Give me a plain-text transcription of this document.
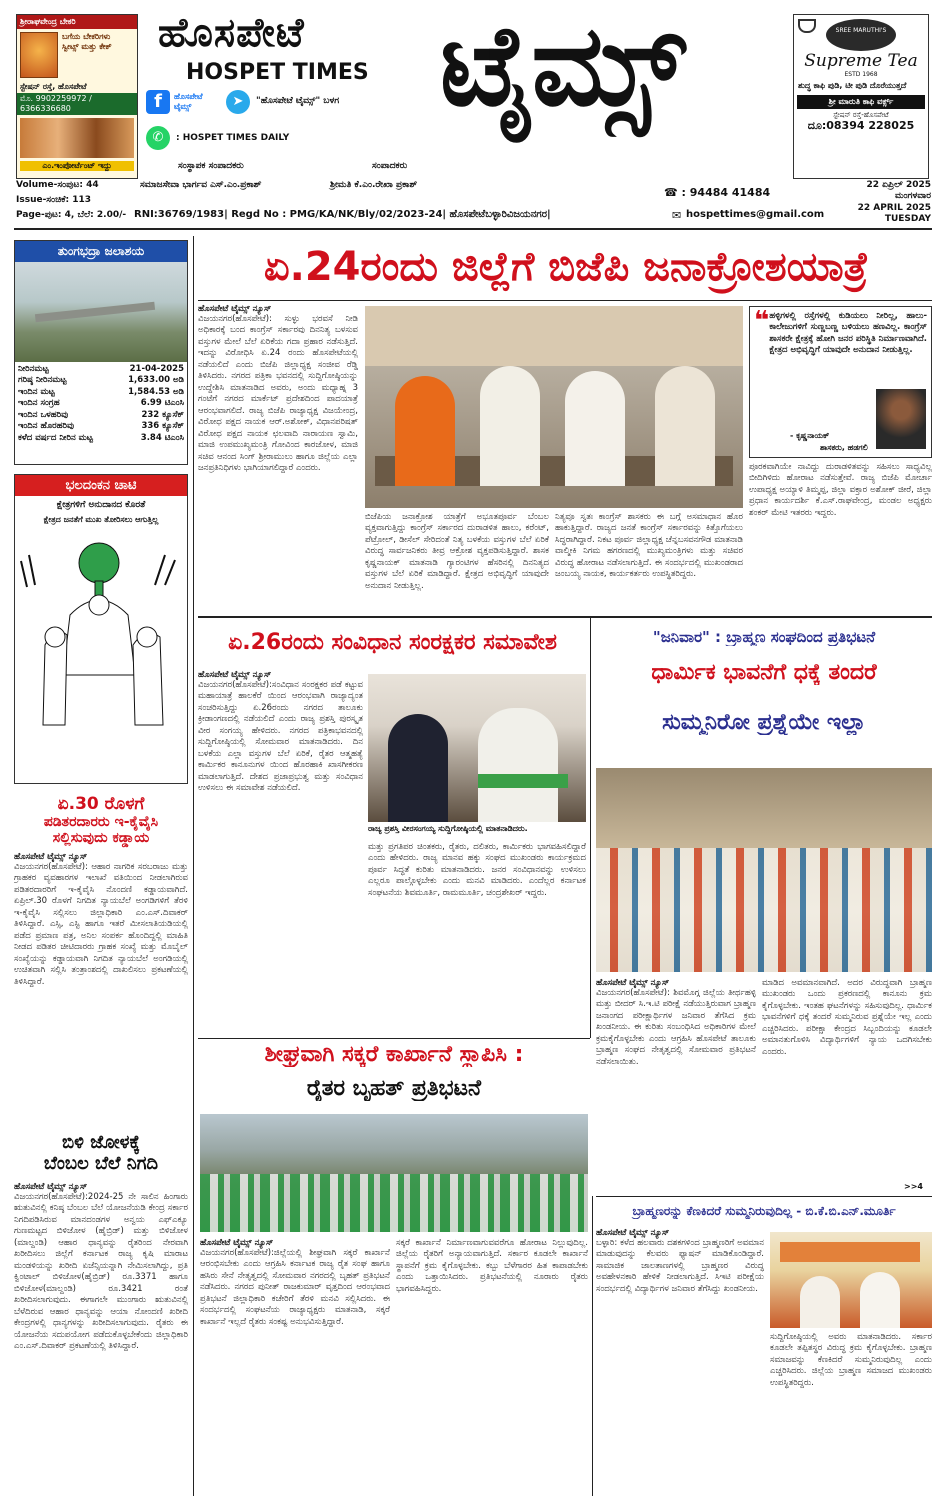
ಶ್ರೀರಾಘವೇಂದ್ರ ಬೇಕರಿ
ಬಗೆಯ ಬೇಕರಿಗಳು
ಸ್ವೀಟ್ಸ್ ಮತ್ತು ಕೇಕ್
ಸ್ಟೇಷನ್ ರಸ್ತೆ, ಹೊಸಪೇಟೆ
ಮೊ. 9902259972 / 6366336680
ಎಂ.ಇಂಪೋರ್ಟೆಂಟ್ ಇದ್ದು
ಹೊಸಪೇಟೆ
HOSPET TIMES
f	ಹೊಸಪೇಟೆ ಟೈಮ್ಸ್	➤	"ಹೊಸಪೇಟೆ ಟೈಮ್ಸ್" ಬಳಗ
✆	: HOSPET TIMES DAILY
ಟೈಮ್ಸ್	SREE MARUTHI'S
Supreme Tea
ESTD 1968
ಶುದ್ಧ ಕಾಫಿ ಪುಡಿ, ಟೀ ಪುಡಿ ದೊರೆಯುತ್ತದೆ
ಶ್ರೀ ಮಾರುತಿ ಕಾಫಿ ವರ್ಕ್ಸ್
ಸ್ಟೇಷನ್ ರಸ್ತೆ-ಹೊಸಪೇಟೆ
ದೂ:08394 228025
ಸಂಸ್ಥಾಪಕ ಸಂಪಾದಕರು	ಸಂಪಾದಕರು
ಸಮಾಜಸೇವಾ ಭಾರ್ಗವ ಎಸ್.ಎಂ.ಪ್ರಕಾಶ್	ಶ್ರೀಮತಿ ಕೆ.ಎಂ.ರೇಖಾ ಪ್ರಕಾಶ್
☎ : 94484 41484
Volume-ಸಂಪುಟ: 44
Issue-ಸಂಚಿಕೆ: 113
Page-ಪುಟ: 4, ಬೆಲೆ: 2.00/-
22 ಏಪ್ರಿಲ್ 2025
ಮಂಗಳವಾರ
22 APRIL 2025
TUESDAY
RNI:36769/1983| Regd No : PMG/KA/NK/Bly/02/2023-24| ಹೊಸಪೇಟೆಬಳ್ಳಾರಿವಿಜಯನಗರ|	✉ hospettimes@gmail.com
ತುಂಗಭದ್ರಾ ಜಲಾಶಯ
ನೀರಿನಮಟ್ಟ	21-04-2025
ಗರಿಷ್ಠ ನೀರಿನಮಟ್ಟ	1,633.00 ಅಡಿ
ಇಂದಿನ ಮಟ್ಟ	1,584.53 ಅಡಿ
ಇಂದಿನ ಸಂಗ್ರಹ	6.99 ಟಿಎಂಸಿ
ಇಂದಿನ ಒಳಹರಿವು	232 ಕ್ಯೂಸೆಕ್
ಇಂದಿನ ಹೊರಹರಿವು	336 ಕ್ಯೂಸೆಕ್
ಕಳೆದ ವರ್ಷದ ನೀರಿನ ಮಟ್ಟ	3.84 ಟಿಎಂಸಿ
ಭಲದಂಕನ ಚಾಟಿ
ಕ್ಷೇತ್ರಗಳಿಗೆ ಅನುದಾನದ ಕೊರತೆ
ಕ್ಷೇತ್ರದ ಜನತೆಗೆ ಮುಖ ತೋರಿಸಲು ಆಗುತ್ತಿಲ್ಲ
ಏ.30 ರೊಳಗೆ
ಪಡಿತರದಾರರು ಇ-ಕೈವೈಸಿ
ಸಲ್ಲಿಸುವುದು ಕಡ್ಡಾಯ
ಹೊಸಪೇಟೆ ಟೈಮ್ಸ್ ನ್ಯೂಸ್
ವಿಜಯನಗರ(ಹೊಸಪೇಟೆ): ಆಹಾರ ನಾಗರಿಕ ಸರಬರಾಜು ಮತ್ತು ಗ್ರಾಹಕರ ವ್ಯವಹಾರಗಳ ಇಲಾಖೆ ವತಿಯಿಂದ ನೀಡಲಾಗಿರುವ ಪಡಿತರದಾರರಿಗೆ ಇ-ಕೈವೈಸಿ ನೊಂದಣಿ ಕಡ್ಡಾಯವಾಗಿದೆ. ಏಪ್ರಿಲ್.30 ರೊಳಗೆ ನಿಗದಿತ ನ್ಯಾಯಬೆಲೆ ಅಂಗಡಿಗಳಿಗೆ ತೆರಳಿ ಇ-ಕೈವೈಸಿ ಸಲ್ಲಿಸಲು ಜಿಲ್ಲಾಧಿಕಾರಿ ಎಂ.ಎಸ್.ದಿವಾಕರ್ ತಿಳಿಸಿದ್ದಾರೆ. ಎಸ್ಸಿ, ಎಸ್ಟಿ ಹಾಗೂ ಇತರೆ ಮೀಸಲಾತಿಯಡಿಯಲ್ಲಿ ಪಡೆದ ಪ್ರಮಾಣ ಪತ್ರ, ಅನಿಲ ಸಂಪರ್ಕ ಹೊಂದಿದ್ದಲ್ಲಿ ಮಾಹಿತಿ ನೀಡದ ಪಡಿತರ ಚೀಟಿದಾರರು ಗ್ರಾಹಕ ಸಂಖ್ಯೆ ಮತ್ತು ಮೊಬೈಲ್ ಸಂಖ್ಯೆಯನ್ನು ಕಡ್ಡಾಯವಾಗಿ ನಿಗದಿತ ನ್ಯಾಯಬೆಲೆ ಅಂಗಡಿಯಲ್ಲಿ ಉಚಿತವಾಗಿ ಸಲ್ಲಿಸಿ ತಂತ್ರಾಂಶದಲ್ಲಿ ದಾಖಲಿಸಲು ಪ್ರಕಟಣೆಯಲ್ಲಿ ತಿಳಿಸಿದ್ದಾರೆ.
ಬಿಳಿ ಜೋಳಕ್ಕೆ
ಬೆಂಬಲ ಬೆಲೆ ನಿಗದಿ
ಹೊಸಪೇಟೆ ಟೈಮ್ಸ್ ನ್ಯೂಸ್
ವಿಜಯನಗರ(ಹೊಸಪೇಟೆ):2024-25 ನೇ ಸಾಲಿನ ಹಿಂಗಾರು ಋತುವಿನಲ್ಲಿ ಕನಿಷ್ಠ ಬೆಂಬಲ ಬೆಲೆ ಯೋಜನೆಯಡಿ ಕೇಂದ್ರ ಸರ್ಕಾರ ನಿಗದಿಪಡಿಸಿರುವ ಮಾನದಂಡಗಳ ಅನ್ವಯ ಎಫ್‌ಎಕ್ಯೂ ಗುಣಮಟ್ಟದ ಬಿಳಿಜೋಳ (ಹೈಬ್ರಿಡ್) ಮತ್ತು ಬಿಳಿಜೋಳ (ಮಾಲ್ದಂಡಿ) ಆಹಾರ ಧಾನ್ಯವನ್ನು ರೈತರಿಂದ ನೇರವಾಗಿ ಖರೀದಿಸಲು ಜಿಲ್ಲೆಗೆ ಕರ್ನಾಟಕ ರಾಜ್ಯ ಕೃಷಿ ಮಾರಾಟ ಮಂಡಳಿಯನ್ನು ಖರೀದಿ ಏಜೆನ್ಸಿಯನ್ನಾಗಿ ನೇಮಿಸಲಾಗಿದ್ದು, ಪ್ರತಿ ಕ್ವಿಂಟಾಲ್ ಬಿಳಿಜೋಳ(ಹೈಬ್ರಿಡ್) ರೂ.3371 ಹಾಗೂ ಬಿಳಿಜೋಳ(ಮಾಲ್ದಂಡಿ) ರೂ.3421 ರಂತೆ ಖರೀದಿಸಲಾಗುವುದು. ಈಗಾಗಲೇ ಮುಂಗಾರು ಋತುವಿನಲ್ಲಿ ಬೆಳೆದಿರುವ ಆಹಾರ ಧಾನ್ಯವನ್ನು ಆಯಾ ನೋಂದಣಿ ಖರೀದಿ ಕೇಂದ್ರಗಳಲ್ಲಿ ಧಾನ್ಯಗಳನ್ನು ಖರೀದಿಸಲಾಗುವುದು. ರೈತರು ಈ ಯೋಜನೆಯ ಸದುಪಯೋಗ ಪಡೆದುಕೊಳ್ಳಬೇಕೆಂದು ಜಿಲ್ಲಾಧಿಕಾರಿ ಎಂ.ಎಸ್.ದಿವಾಕರ್ ಪ್ರಕಟಣೆಯಲ್ಲಿ ತಿಳಿಸಿದ್ದಾರೆ.
ಏ.24ರಂದು ಜಿಲ್ಲೆಗೆ ಬಿಜೆಪಿ ಜನಾಕ್ರೋಶಯಾತ್ರೆ
ಹೊಸಪೇಟೆ ಟೈಮ್ಸ್ ನ್ಯೂಸ್
ವಿಜಯನಗರ(ಹೊಸಪೇಟೆ): ಸುಳ್ಳು ಭರವಸೆ ನೀಡಿ ಅಧಿಕಾರಕ್ಕೆ ಬಂದ ಕಾಂಗ್ರೆಸ್ ಸರ್ಕಾರವು ದಿನನಿತ್ಯ ಬಳಸುವ ವಸ್ತುಗಳ ಮೇಲೆ ಬೆಲೆ ಏರಿಕೆಯ ಗದಾ ಪ್ರಹಾರ ನಡೆಸುತ್ತಿದೆ. ಇದನ್ನು ವಿರೋಧಿಸಿ ಏ.24 ರಂದು ಹೊಸಪೇಟೆಯಲ್ಲಿ ನಡೆಯಲಿದೆ ಎಂದು ಬಿಜೆಪಿ ಜಿಲ್ಲಾಧ್ಯಕ್ಷ ಸಂಜೀವ ರೆಡ್ಡಿ ತಿಳಿಸಿದರು. ನಗರದ ಪತ್ರಿಕಾ ಭವನದಲ್ಲಿ ಸುದ್ದಿಗೋಷ್ಠಿಯನ್ನು ಉದ್ದೇಶಿಸಿ ಮಾತನಾಡಿದ ಅವರು, ಅಂದು ಮಧ್ಯಾಹ್ನ 3 ಗಂಟೆಗೆ ನಗರದ ಮಾರ್ಕೆಟ್ ಪ್ರದೇಶದಿಂದ ಪಾದಯಾತ್ರೆ ಆರಂಭವಾಗಲಿದೆ. ರಾಜ್ಯ ಬಿಜೆಪಿ ರಾಜ್ಯಾಧ್ಯಕ್ಷ ವಿಜಯೇಂದ್ರ, ವಿರೋಧ ಪಕ್ಷದ ನಾಯಕ ಆರ್.ಅಶೋಕ್, ವಿಧಾನಪರಿಷತ್ ವಿರೋಧ ಪಕ್ಷದ ನಾಯಕ ಛಲವಾದಿ ನಾರಾಯಣ ಸ್ವಾಮಿ, ಮಾಜಿ ಉಪಮುಖ್ಯಮಂತ್ರಿ ಗೋವಿಂದ ಕಾರಜೋಳ, ಮಾಜಿ ಸಚಿವ ಆನಂದ ಸಿಂಗ್ ಶ್ರೀರಾಮುಲು ಹಾಗೂ ಜಿಲ್ಲೆಯ ಎಲ್ಲಾ ಜನಪ್ರತಿನಿಧಿಗಳು ಭಾಗಿಯಾಗಲಿದ್ದಾರೆ ಎಂದರು.
❝ ಹಳ್ಳಿಗಳಲ್ಲಿ ರಸ್ತೆಗಳಲ್ಲಿ ಕುಡಿಯಲು ನೀರಿಲ್ಲ, ಹಾಲು-ಕಾಲೇಜುಗಳಿಗೆ ಸುಣ್ಣಬಣ್ಣ ಬಳಿಯಲು ಹಣವಿಲ್ಲ. ಕಾಂಗ್ರೆಸ್ ಶಾಸಕರೇ ಕ್ಷೇತ್ರಕ್ಕೆ ಹೋಗಿ ಜನರ ಪರಿಸ್ಥಿತಿ ನಿರ್ಮಾಣವಾಗಿದೆ. ಕ್ಷೇತ್ರದ ಅಭಿವೃದ್ಧಿಗೆ ಯಾವುದೇ ಅನುದಾನ ನೀಡುತ್ತಿಲ್ಲ.
- ಕೃಷ್ಣನಾಯಕ್
ಶಾಸಕರು, ಹಡಗಲಿ
ಬಿಜೆಪಿಯ ಜನಾಕ್ರೋಶ ಯಾತ್ರೆಗೆ ಅಭೂತಪೂರ್ವ ಬೆಂಬಲ ವ್ಯಕ್ತವಾಗುತ್ತಿದ್ದು ಕಾಂಗ್ರೆಸ್ ಸರ್ಕಾರದ ದುರಾಡಳಿತ ಹಾಲು, ಕರೆಂಟ್, ಪೆಟ್ರೋಲ್, ಡೀಸೆಲ್ ಸೇರಿದಂತೆ ನಿತ್ಯ ಬಳಕೆಯ ವಸ್ತುಗಳ ಬೆಲೆ ಏರಿಕೆ ವಿರುದ್ಧ ಸಾರ್ವಜನಿಕರು ತೀವ್ರ ಆಕ್ರೋಶ ವ್ಯಕ್ತಪಡಿಸುತ್ತಿದ್ದಾರೆ. ಶಾಸಕ ಕೃಷ್ಣನಾಯಕ್ ಮಾತನಾಡಿ ಗ್ಯಾರಂಟಿಗಳ ಹೆಸರಿನಲ್ಲಿ ದಿನನಿತ್ಯದ ವಸ್ತುಗಳ ಬೆಲೆ ಏರಿಕೆ ಮಾಡಿದ್ದಾರೆ. ಕ್ಷೇತ್ರದ ಅಭಿವೃದ್ಧಿಗೆ ಯಾವುದೇ ಅನುದಾನ ನೀಡುತ್ತಿಲ್ಲ.
ನಿತ್ಯವೂ ಸ್ವತಃ ಕಾಂಗ್ರೆಸ್ ಶಾಸಕರು ಈ ಬಗ್ಗೆ ಅಸಮಾಧಾನ ಹೊರ ಹಾಕುತ್ತಿದ್ದಾರೆ. ರಾಜ್ಯದ ಜನತೆ ಕಾಂಗ್ರೆಸ್ ಸರ್ಕಾರವನ್ನು ಕಿತ್ತೊಗೆಯಲು ಸಿದ್ಧರಾಗಿದ್ದಾರೆ. ನಿಕಟ ಪೂರ್ವ ಜಿಲ್ಲಾಧ್ಯಕ್ಷ ಚೆನ್ನಬಸವನಗೌಡ ಮಾತನಾಡಿ ವಾಲ್ಮೀಕಿ ನಿಗಮ ಹಗರಣದಲ್ಲಿ ಮುಖ್ಯಮಂತ್ರಿಗಳು ಮತ್ತು ಸಚಿವರ ವಿರುದ್ಧ ಹೋರಾಟ ನಡೆಸಲಾಗುತ್ತಿದೆ. ಈ ಸಂದರ್ಭದಲ್ಲಿ ಮುಖಂಡರಾದ ಜಂಬಯ್ಯ ನಾಯಕ, ಕಾರ್ಯಕರ್ತರು ಉಪಸ್ಥಿತರಿದ್ದರು.
ಪೂರಕವಾಗಿಯೇ ನಾವಿದ್ದು ದುರಾಡಳಿತವನ್ನು ಸಹಿಸಲು ಸಾಧ್ಯವಿಲ್ಲ ಬೀದಿಗಿಳಿದು ಹೋರಾಟ ನಡೆಸುತ್ತೇವೆ. ರಾಜ್ಯ ಬಿಜೆಪಿ ಮೋರ್ಚಾ ಉಪಾಧ್ಯಕ್ಷ ಅಯ್ಯಾಳಿ ತಿಮ್ಮಪ್ಪ, ಜಿಲ್ಲಾ ವಕ್ತಾರ ಅಶೋಕ್ ಜೀರೆ, ಜಿಲ್ಲಾ ಪ್ರಧಾನ ಕಾರ್ಯದರ್ಶಿ ಕೆ.ಎಸ್.ರಾಘವೇಂದ್ರ, ಮಂಡಲ ಅಧ್ಯಕ್ಷರು ಶಂಕರ್ ಮೇಟಿ ಇತರರು ಇದ್ದರು.
ಏ.26ರಂದು ಸಂವಿಧಾನ ಸಂರಕ್ಷಕರ ಸಮಾವೇಶ
ಹೊಸಪೇಟೆ ಟೈಮ್ಸ್ ನ್ಯೂಸ್
ವಿಜಯನಗರ(ಹೊಸಪೇಟೆ):ಸಂವಿಧಾನ ಸಂರಕ್ಷಕರ ಪಡೆ ಕಟ್ಟುವ ಮಹಾಯಾತ್ರೆ ಹಾಲಕೆರೆ ಯಿಂದ ಆರಂಭವಾಗಿ ರಾಜ್ಯಾದ್ಯಂತ ಸಂಚರಿಸುತ್ತಿದ್ದು ಏ.26ರಂದು ನಗರದ ತಾಲೂಕು ಕ್ರೀಡಾಂಗಣದಲ್ಲಿ ನಡೆಯಲಿದೆ ಎಂದು ರಾಜ್ಯ ಪ್ರಶಸ್ತಿ ಪುರಸ್ಕೃತ ವೀರ ಸಂಗಯ್ಯ ಹೇಳಿದರು. ನಗರದ ಪತ್ರಿಕಾಭವನದಲ್ಲಿ ಸುದ್ದಿಗೋಷ್ಠಿಯಲ್ಲಿ ಸೋಮವಾರ ಮಾತನಾಡಿದರು. ದಿನ ಬಳಕೆಯ ಎಲ್ಲಾ ವಸ್ತುಗಳ ಬೆಲೆ ಏರಿಕೆ, ರೈತರ ಆತ್ಮಹತ್ಯೆ ಕಾರ್ಮಿಕರ ಕಾನೂನುಗಳ ಯಿಂದ ಹೊರಹಾಕಿ ಖಾಸಗೀಕರಣ ಮಾಡಲಾಗುತ್ತಿದೆ. ದೇಶದ ಪ್ರಜಾಪ್ರಭುತ್ವ ಮತ್ತು ಸಂವಿಧಾನ ಉಳಿಸಲು ಈ ಸಮಾವೇಶ ನಡೆಯಲಿದೆ.
ರಾಜ್ಯ ಪ್ರಶಸ್ತಿ ವೀರಸಂಗಯ್ಯ ಸುದ್ದಿಗೋಷ್ಠಿಯಲ್ಲಿ ಮಾತನಾಡಿದರು.
ಮತ್ತು ಪ್ರಗತಿಪರ ಚಿಂತಕರು, ರೈತರು, ದಲಿತರು, ಕಾರ್ಮಿಕರು ಭಾಗವಹಿಸಲಿದ್ದಾರೆ ಎಂದು ಹೇಳಿದರು. ರಾಜ್ಯ ಮಾನವ ಹಕ್ಕು ಸಂಘದ ಮುಖಂಡರು ಕಾರ್ಯಕ್ರಮದ ಪೂರ್ವ ಸಿದ್ಧತೆ ಕುರಿತು ಮಾತನಾಡಿದರು. ಜನರ ಸಂವಿಧಾನವನ್ನು ಉಳಿಸಲು ಎಲ್ಲರೂ ಪಾಲ್ಗೊಳ್ಳಬೇಕು ಎಂದು ಮನವಿ ಮಾಡಿದರು. ಎಂದೆಲ್ಲರ ಕರ್ನಾಟಕ ಸಂಘಟನೆಯ ಶಿವಮೂರ್ತಿ, ರಾಮಮೂರ್ತಿ, ಚಂದ್ರಶೇಖರ್ ಇದ್ದರು.
"ಜನಿವಾರ" : ಬ್ರಾಹ್ಮಣ ಸಂಘದಿಂದ ಪ್ರತಿಭಟನೆ
ಧಾರ್ಮಿಕ ಭಾವನೆಗೆ ಧಕ್ಕೆ ತಂದರೆ
ಸುಮ್ಮನಿರೋ ಪ್ರಶ್ನೆಯೇ ಇಲ್ಲಾ
ಹೊಸಪೇಟೆ ಟೈಮ್ಸ್ ನ್ಯೂಸ್
ವಿಜಯನಗರ(ಹೊಸಪೇಟೆ): ಶಿವಮೊಗ್ಗ ಜಿಲ್ಲೆಯ ತೀರ್ಥಹಳ್ಳಿ ಮತ್ತು ಬೀದರ್ ಸಿ.ಇ.ಟಿ ಪರೀಕ್ಷೆ ನಡೆಯುತ್ತಿರುವಾಗ ಬ್ರಾಹ್ಮಣ ಜನಾಂಗದ ಪರೀಕ್ಷಾರ್ಥಿಗಳ ಜನಿವಾರ ತೆಗೆಸಿದ ಕ್ರಮ ಖಂಡನೀಯ. ಈ ಕುರಿತು ಸಂಬಂಧಿಸಿದ ಅಧಿಕಾರಿಗಳ ಮೇಲೆ ಕ್ರಮಕೈಗೊಳ್ಳಬೇಕು ಎಂದು ಆಗ್ರಹಿಸಿ ಹೊಸಪೇಟೆ ತಾಲೂಕು ಬ್ರಾಹ್ಮಣ ಸಂಘದ ನೇತೃತ್ವದಲ್ಲಿ ಸೋಮವಾರ ಪ್ರತಿಭಟನೆ ನಡೆಸಲಾಯಿತು.
ಮಾಡಿದ ಅವಮಾನವಾಗಿದೆ. ಅದರ ವಿರುದ್ಧವಾಗಿ ಬ್ರಾಹ್ಮಣ ಮುಖಂಡರು ಒಂದು ಪ್ರಕರಣದಲ್ಲಿ ಕಾನೂನು ಕ್ರಮ ಕೈಗೊಳ್ಳಬೇಕು. ಇಂತಹ ಘಟನೆಗಳನ್ನು ಸಹಿಸುವುದಿಲ್ಲ. ಧಾರ್ಮಿಕ ಭಾವನೆಗಳಿಗೆ ಧಕ್ಕೆ ತಂದರೆ ಸುಮ್ಮನಿರುವ ಪ್ರಶ್ನೆಯೇ ಇಲ್ಲ ಎಂದು ಎಚ್ಚರಿಸಿದರು. ಪರೀಕ್ಷಾ ಕೇಂದ್ರದ ಸಿಬ್ಬಂದಿಯನ್ನು ಕೂಡಲೇ ಅಮಾನತುಗೊಳಿಸಿ ವಿದ್ಯಾರ್ಥಿಗಳಿಗೆ ನ್ಯಾಯ ಒದಗಿಸಬೇಕು ಎಂದರು.
>>4
ಶೀಘ್ರವಾಗಿ ಸಕ್ಕರೆ ಕಾರ್ಖಾನೆ ಸ್ಥಾಪಿಸಿ :
ರೈತರ ಬೃಹತ್ ಪ್ರತಿಭಟನೆ
ಹೊಸಪೇಟೆ ಟೈಮ್ಸ್ ನ್ಯೂಸ್
ವಿಜಯನಗರ(ಹೊಸಪೇಟೆ):ಜಿಲ್ಲೆಯಲ್ಲಿ ಶೀಘ್ರವಾಗಿ ಸಕ್ಕರೆ ಕಾರ್ಖಾನೆ ಆರಂಭಿಸಬೇಕು ಎಂದು ಆಗ್ರಹಿಸಿ ಕರ್ನಾಟಕ ರಾಜ್ಯ ರೈತ ಸಂಘ ಹಾಗೂ ಹಸಿರು ಸೇನೆ ನೇತೃತ್ವದಲ್ಲಿ ಸೋಮವಾರ ನಗರದಲ್ಲಿ ಬೃಹತ್ ಪ್ರತಿಭಟನೆ ನಡೆಸಿದರು. ನಗರದ ಪುನೀತ್ ರಾಜಕುಮಾರ್ ವೃತ್ತದಿಂದ ಆರಂಭವಾದ ಪ್ರತಿಭಟನೆ ಜಿಲ್ಲಾಧಿಕಾರಿ ಕಚೇರಿಗೆ ತೆರಳಿ ಮನವಿ ಸಲ್ಲಿಸಿದರು. ಈ ಸಂದರ್ಭದಲ್ಲಿ ಸಂಘಟನೆಯ ರಾಜ್ಯಾಧ್ಯಕ್ಷರು ಮಾತನಾಡಿ, ಸಕ್ಕರೆ ಕಾರ್ಖಾನೆ ಇಲ್ಲದೆ ರೈತರು ಸಂಕಷ್ಟ ಅನುಭವಿಸುತ್ತಿದ್ದಾರೆ.
ಸಕ್ಕರೆ ಕಾರ್ಖಾನೆ ನಿರ್ಮಾಣವಾಗುವವರೆಗೂ ಹೋರಾಟ ನಿಲ್ಲುವುದಿಲ್ಲ. ಜಿಲ್ಲೆಯ ರೈತರಿಗೆ ಅನ್ಯಾಯವಾಗುತ್ತಿದೆ. ಸರ್ಕಾರ ಕೂಡಲೇ ಕಾರ್ಖಾನೆ ಸ್ಥಾಪನೆಗೆ ಕ್ರಮ ಕೈಗೊಳ್ಳಬೇಕು. ಕಬ್ಬು ಬೆಳೆಗಾರರ ಹಿತ ಕಾಪಾಡಬೇಕು ಎಂದು ಒತ್ತಾಯಿಸಿದರು. ಪ್ರತಿಭಟನೆಯಲ್ಲಿ ನೂರಾರು ರೈತರು ಭಾಗವಹಿಸಿದ್ದರು.
ಬ್ರಾಹ್ಮಣರನ್ನು ಕೆಣಕಿದರೆ ಸುಮ್ಮನಿರುವುದಿಲ್ಲ - ಬಿ.ಕೆ.ಬಿ.ಎನ್.ಮೂರ್ತಿ
ಹೊಸಪೇಟೆ ಟೈಮ್ಸ್ ನ್ಯೂಸ್
ಬಳ್ಳಾರಿ: ಕಳೆದ ಹಲವಾರು ದಶಕಗಳಿಂದ ಬ್ರಾಹ್ಮಣರಿಗೆ ಅವಮಾನ ಮಾಡುವುದನ್ನು ಕೆಲವರು ಫ್ಯಾಷನ್ ಮಾಡಿಕೊಂಡಿದ್ದಾರೆ. ಸಾಮಾಜಿಕ ಜಾಲತಾಣಗಳಲ್ಲಿ ಬ್ರಾಹ್ಮಣರ ವಿರುದ್ಧ ಅವಹೇಳನಕಾರಿ ಹೇಳಿಕೆ ನೀಡಲಾಗುತ್ತಿದೆ. ಸಿಇಟಿ ಪರೀಕ್ಷೆಯ ಸಂದರ್ಭದಲ್ಲಿ ವಿದ್ಯಾರ್ಥಿಗಳ ಜನಿವಾರ ತೆಗೆಸಿದ್ದು ಖಂಡನೀಯ.
ಸುದ್ದಿಗೋಷ್ಠಿಯಲ್ಲಿ ಅವರು ಮಾತನಾಡಿದರು. ಸರ್ಕಾರ ಕೂಡಲೇ ತಪ್ಪಿತಸ್ಥರ ವಿರುದ್ಧ ಕ್ರಮ ಕೈಗೊಳ್ಳಬೇಕು. ಬ್ರಾಹ್ಮಣ ಸಮಾಜವನ್ನು ಕೆಣಕಿದರೆ ಸುಮ್ಮನಿರುವುದಿಲ್ಲ ಎಂದು ಎಚ್ಚರಿಸಿದರು. ಜಿಲ್ಲೆಯ ಬ್ರಾಹ್ಮಣ ಸಮಾಜದ ಮುಖಂಡರು ಉಪಸ್ಥಿತರಿದ್ದರು.
